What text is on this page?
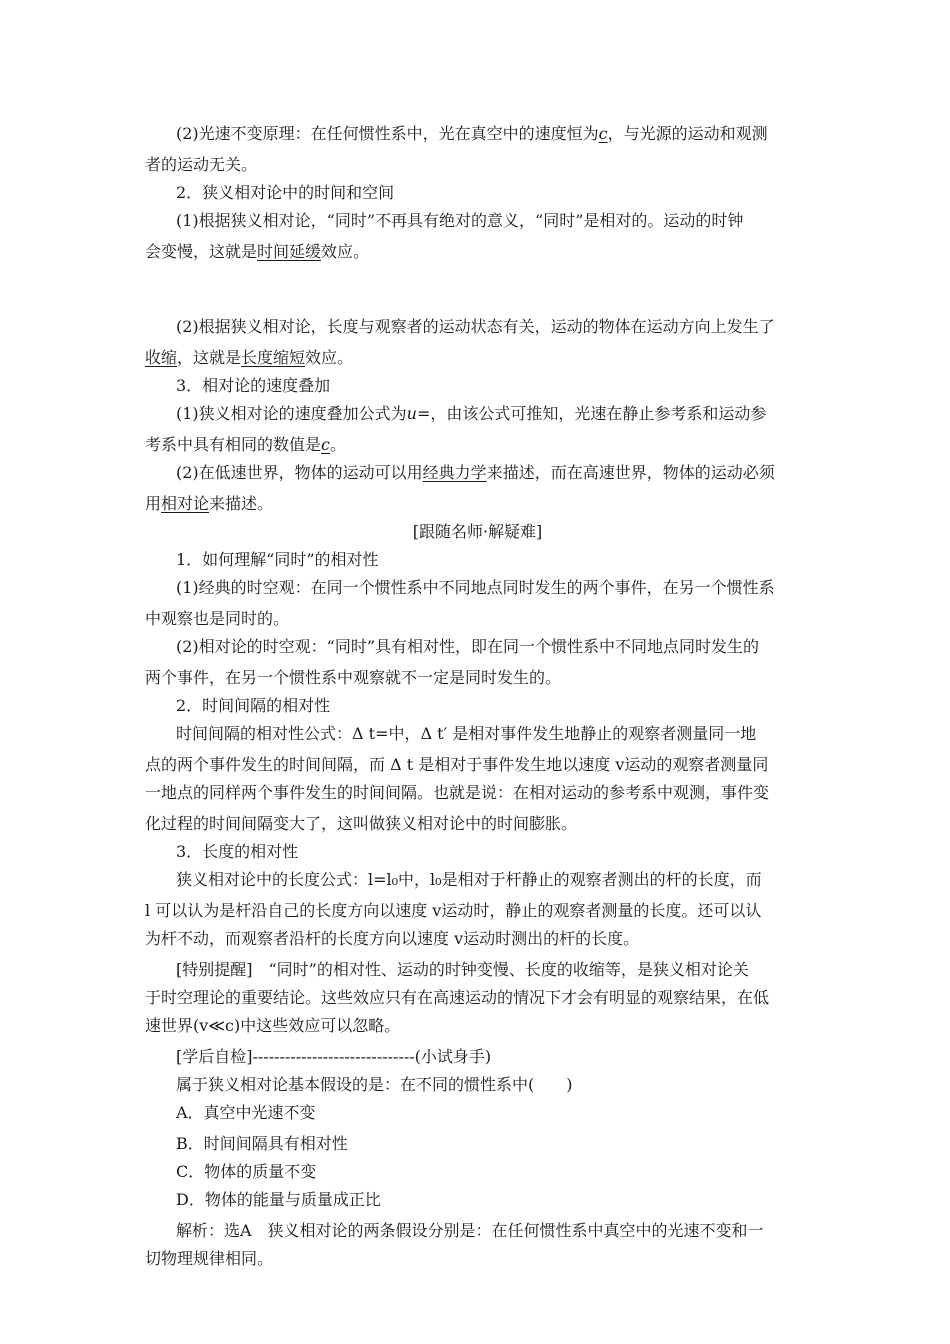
(2)光速不变原理：在任何惯性系中，光在真空中的速度恒为c，与光源的运动和观测
者的运动无关。
2．狭义相对论中的时间和空间
(1)根据狭义相对论，“同时”不再具有绝对的意义，“同时”是相对的。运动的时钟
会变慢，这就是时间延缓效应。
(2)根据狭义相对论，长度与观察者的运动状态有关，运动的物体在运动方向上发生了
收缩，这就是长度缩短效应。
3．相对论的速度叠加
(1)狭义相对论的速度叠加公式为u=，由该公式可推知，光速在静止参考系和运动参
考系中具有相同的数值是c。
(2)在低速世界，物体的运动可以用经典力学来描述，而在高速世界，物体的运动必须
用相对论来描述。
[跟随名师·解疑难]
1．如何理解“同时”的相对性
(1)经典的时空观：在同一个惯性系中不同地点同时发生的两个事件，在另一个惯性系
中观察也是同时的。
(2)相对论的时空观：“同时”具有相对性，即在同一个惯性系中不同地点同时发生的
两个事件，在另一个惯性系中观察就不一定是同时发生的。
2．时间间隔的相对性
时间间隔的相对性公式：Δ t=中，Δ t′ 是相对事件发生地静止的观察者测量同一地
点的两个事件发生的时间间隔，而 Δ t 是相对于事件发生地以速度 v运动的观察者测量同
一地点的同样两个事件发生的时间间隔。也就是说：在相对运动的参考系中观测，事件变
化过程的时间间隔变大了，这叫做狭义相对论中的时间膨胀。
3．长度的相对性
狭义相对论中的长度公式：l=l₀中，l₀是相对于杆静止的观察者测出的杆的长度，而
l 可以认为是杆沿自己的长度方向以速度 v运动时，静止的观察者测量的长度。还可以认
为杆不动，而观察者沿杆的长度方向以速度 v运动时测出的杆的长度。
[特别提醒]　“同时”的相对性、运动的时钟变慢、长度的收缩等，是狭义相对论关
于时空理论的重要结论。这些效应只有在高速运动的情况下才会有明显的观察结果，在低
速世界(v≪c)中这些效应可以忽略。
[学后自检]------------------------------(小试身手)
属于狭义相对论基本假设的是：在不同的惯性系中(　　)
A．真空中光速不变
B．时间间隔具有相对性
C．物体的质量不变
D．物体的能量与质量成正比
解析：选A　狭义相对论的两条假设分别是：在任何惯性系中真空中的光速不变和一
切物理规律相同。
